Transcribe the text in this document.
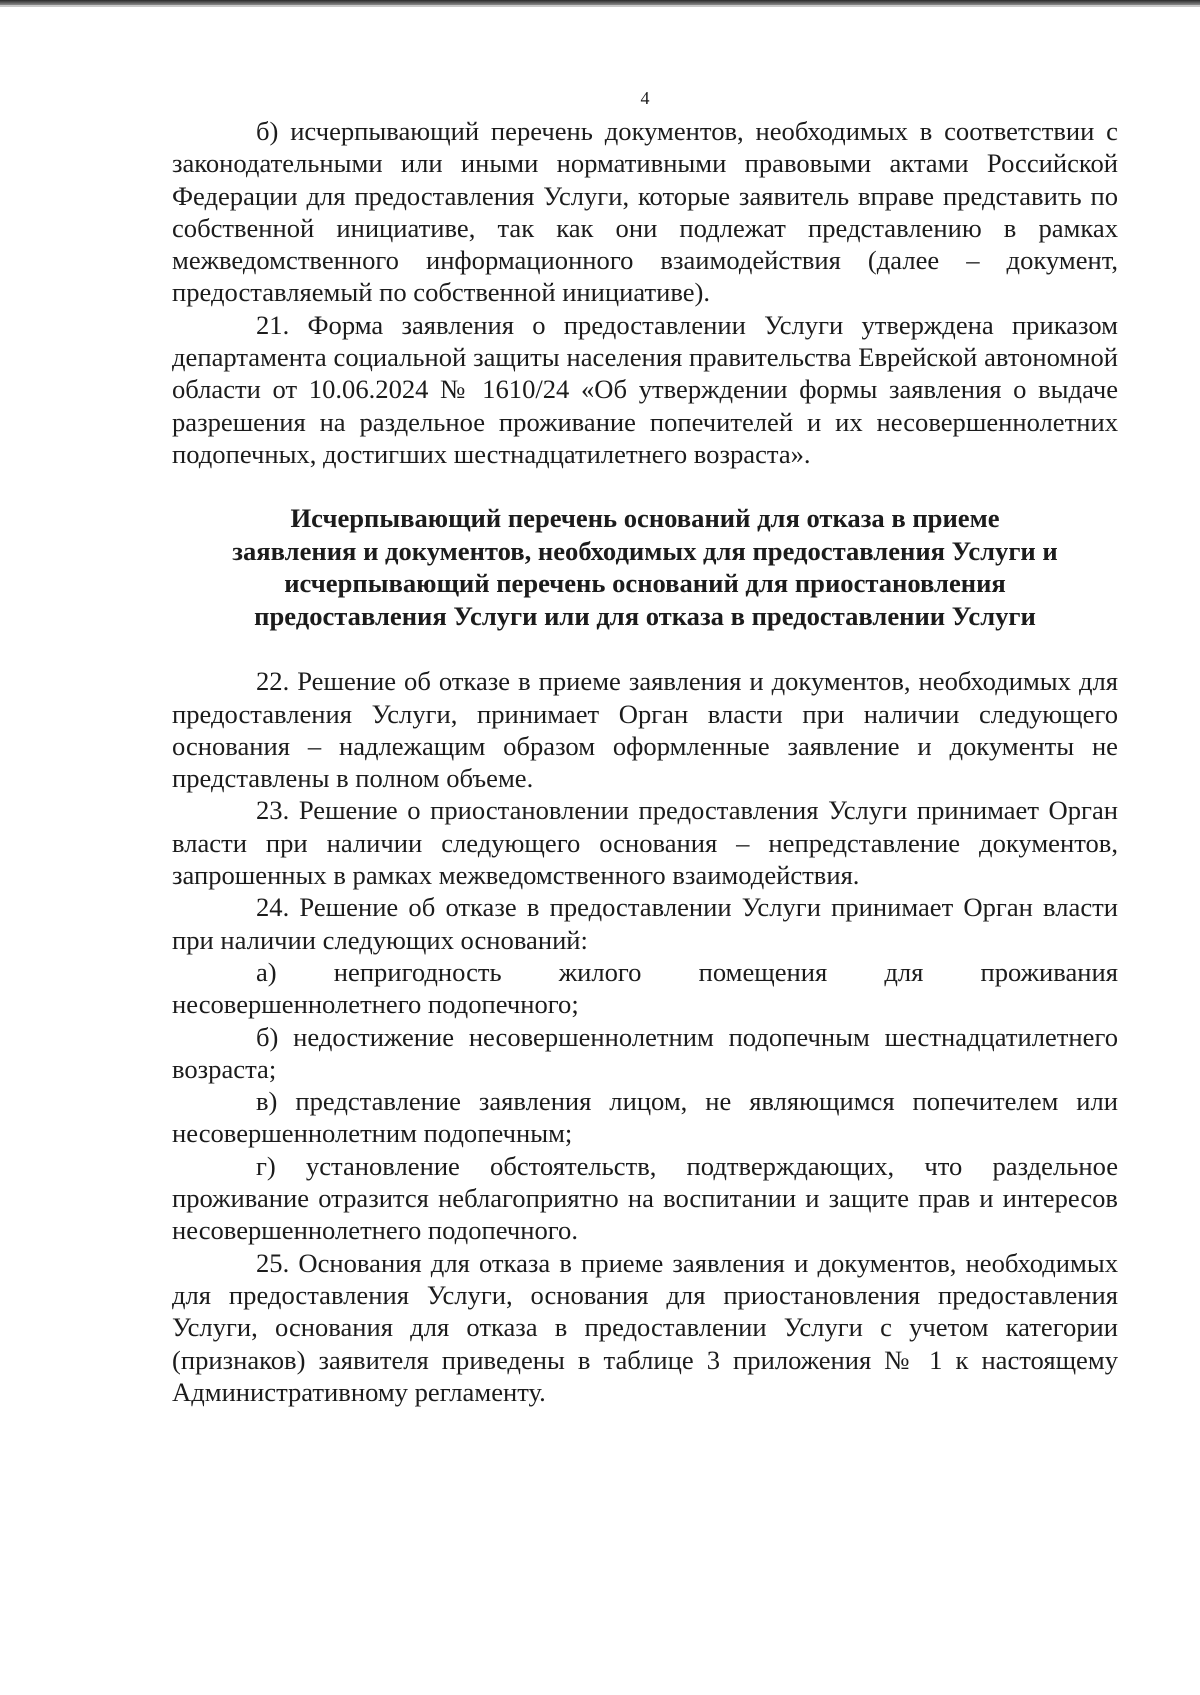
4

б) исчерпывающий перечень документов, необходимых в соответствии с законодательными или иными нормативными правовыми актами Российской Федерации для предоставления Услуги, которые заявитель вправе представить по собственной инициативе, так как они подлежат представлению в рамках межведомственного информационного взаимодействия (далее – документ, предоставляемый по собственной инициативе).

21. Форма заявления о предоставлении Услуги утверждена приказом департамента социальной защиты населения правительства Еврейской автономной области от 10.06.2024 № 1610/24 «Об утверждении формы заявления о выдаче разрешения на раздельное проживание попечителей и их несовершеннолетних подопечных, достигших шестнадцатилетнего возраста».

Исчерпывающий перечень оснований для отказа в приеме
заявления и документов, необходимых для предоставления Услуги и
исчерпывающий перечень оснований для приостановления
предоставления Услуги или для отказа в предоставлении Услуги

22. Решение об отказе в приеме заявления и документов, необходимых для предоставления Услуги, принимает Орган власти при наличии следующего основания – надлежащим образом оформленные заявление и документы не представлены в полном объеме.

23. Решение о приостановлении предоставления Услуги принимает Орган власти при наличии следующего основания – непредставление документов, запрошенных в рамках межведомственного взаимодействия.

24. Решение об отказе в предоставлении Услуги принимает Орган власти при наличии следующих оснований:

а) непригодность жилого помещения для проживания несовершеннолетнего подопечного;

б) недостижение несовершеннолетним подопечным шестнадцатилетнего возраста;

в) представление заявления лицом, не являющимся попечителем или несовершеннолетним подопечным;

г) установление обстоятельств, подтверждающих, что раздельное проживание отразится неблагоприятно на воспитании и защите прав и интересов несовершеннолетнего подопечного.

25. Основания для отказа в приеме заявления и документов, необходимых для предоставления Услуги, основания для приостановления предоставления Услуги, основания для отказа в предоставлении Услуги с учетом категории (признаков) заявителя приведены в таблице 3 приложения № 1 к настоящему Административному регламенту.
